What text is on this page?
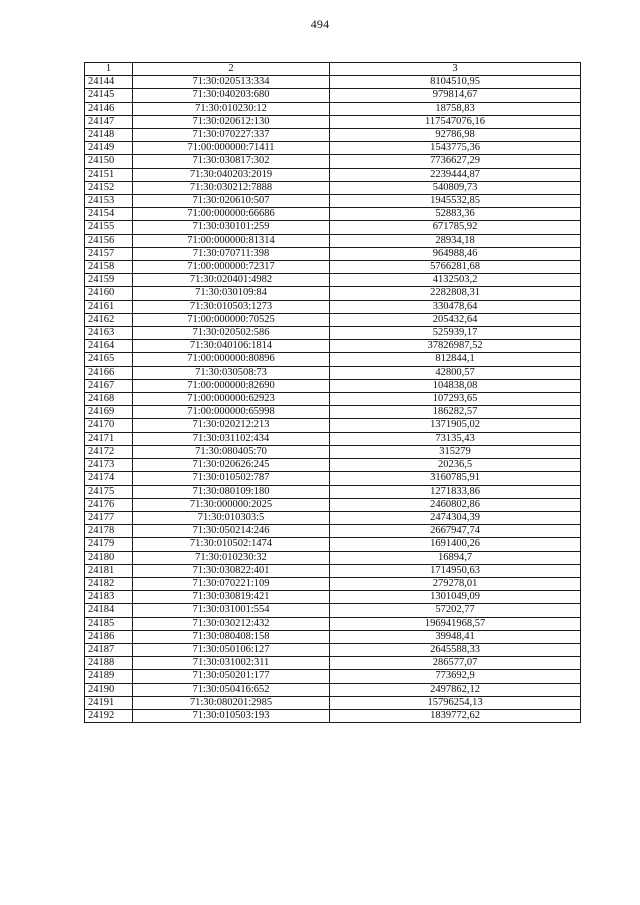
494
1	2	3
24144	71:30:020513:334	8104510,95
24145	71:30:040203:680	979814,67
24146	71:30:010230:12	18758,83
24147	71:30:020612:130	117547076,16
24148	71:30:070227:337	92786,98
24149	71:00:000000:71411	1543775,36
24150	71:30:030817:302	7736627,29
24151	71:30:040203:2019	2239444,87
24152	71:30:030212:7888	540809,73
24153	71:30:020610:507	1945532,85
24154	71:00:000000:66686	52883,36
24155	71:30:030101:259	671785,92
24156	71:00:000000:81314	28934,18
24157	71:30:070711:398	964988,46
24158	71:00:000000:72317	5766281,68
24159	71:30:020401:4982	4132503,2
24160	71:30:030109:84	2282808,31
24161	71:30:010503:1273	330478,64
24162	71:00:000000:70525	205432,64
24163	71:30:020502:586	525939,17
24164	71:30:040106:1814	37826987,52
24165	71:00:000000:80896	812844,1
24166	71:30:030508:73	42800,57
24167	71:00:000000:82690	104838,08
24168	71:00:000000:62923	107293,65
24169	71:00:000000:65998	186282,57
24170	71:30:020212:213	1371905,02
24171	71:30:031102:434	73135,43
24172	71:30:080405:70	315279
24173	71:30:020626:245	20236,5
24174	71:30:010502:787	3160785,91
24175	71:30:080109:180	1271833,86
24176	71:30:000000:2025	2460802,86
24177	71:30:010303:5	2474304,39
24178	71:30:050214:246	2667947,74
24179	71:30:010502:1474	1691400,26
24180	71:30:010230:32	16894,7
24181	71:30:030822:401	1714950,63
24182	71:30:070221:109	279278,01
24183	71:30:030819:421	1301049,09
24184	71:30:031001:554	57202,77
24185	71:30:030212:432	196941968,57
24186	71:30:080408:158	39948,41
24187	71:30:050106:127	2645588,33
24188	71:30:031002:311	286577,07
24189	71:30:050201:177	773692,9
24190	71:30:050416:652	2497862,12
24191	71:30:080201:2985	15796254,13
24192	71:30:010503:193	1839772,62
